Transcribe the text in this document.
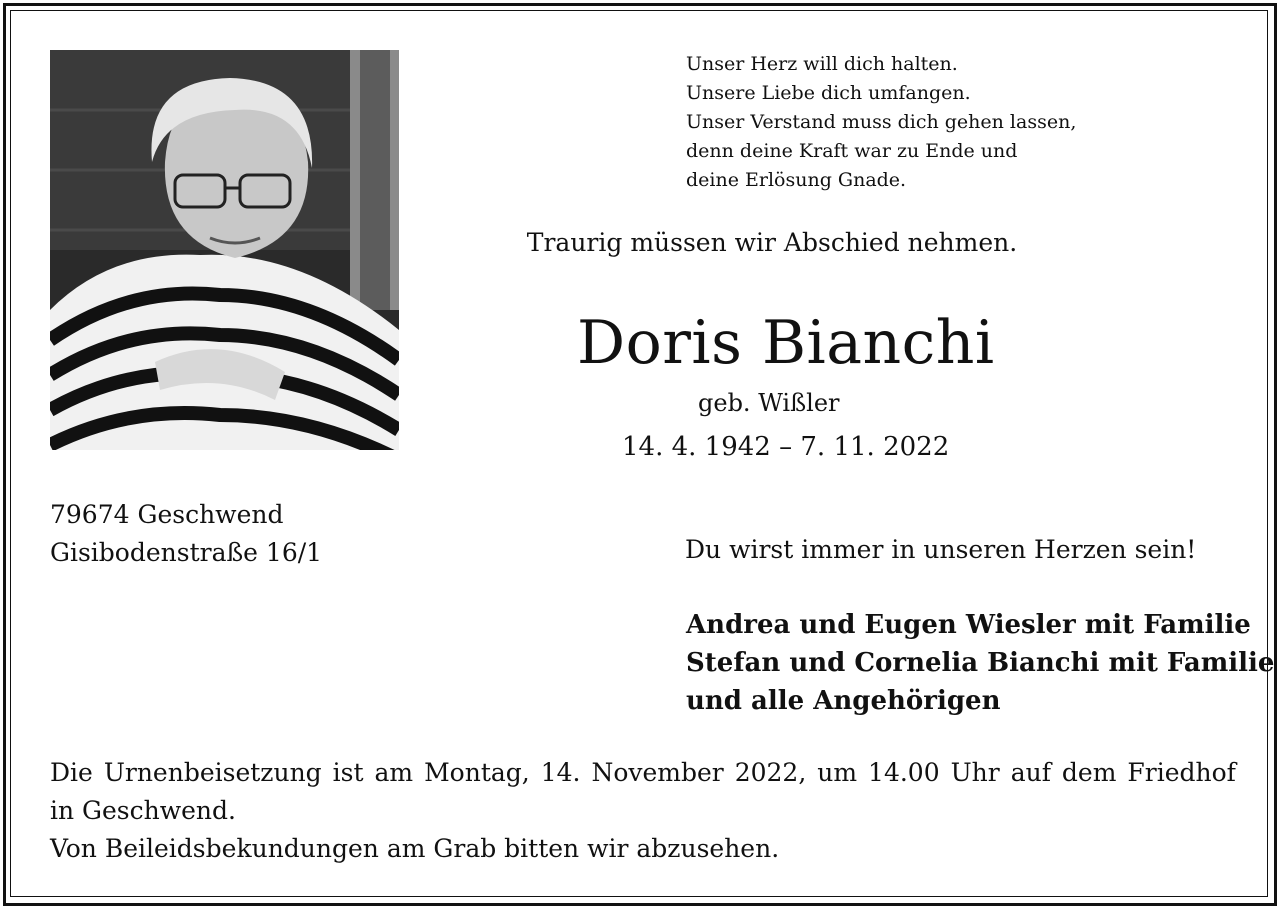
Unser Herz will dich halten.
Unsere Liebe dich umfangen.
Unser Verstand muss dich gehen lassen,
denn deine Kraft war zu Ende und
deine Erlösung Gnade.
Traurig müssen wir Abschied nehmen.
Doris Bianchi
geb. Wißler
14. 4. 1942 – 7. 11. 2022
79674 Geschwend
Gisibodenstraße 16/1	Du wirst immer in unseren Herzen sein!
Andrea und Eugen Wiesler mit Familie
Stefan und Cornelia Bianchi mit Familie
und alle Angehörigen
Die Urnenbeisetzung ist am Montag, 14. November 2022, um 14.00 Uhr auf dem Friedhof
in Geschwend.
Von Beileidsbekundungen am Grab bitten wir abzusehen.
